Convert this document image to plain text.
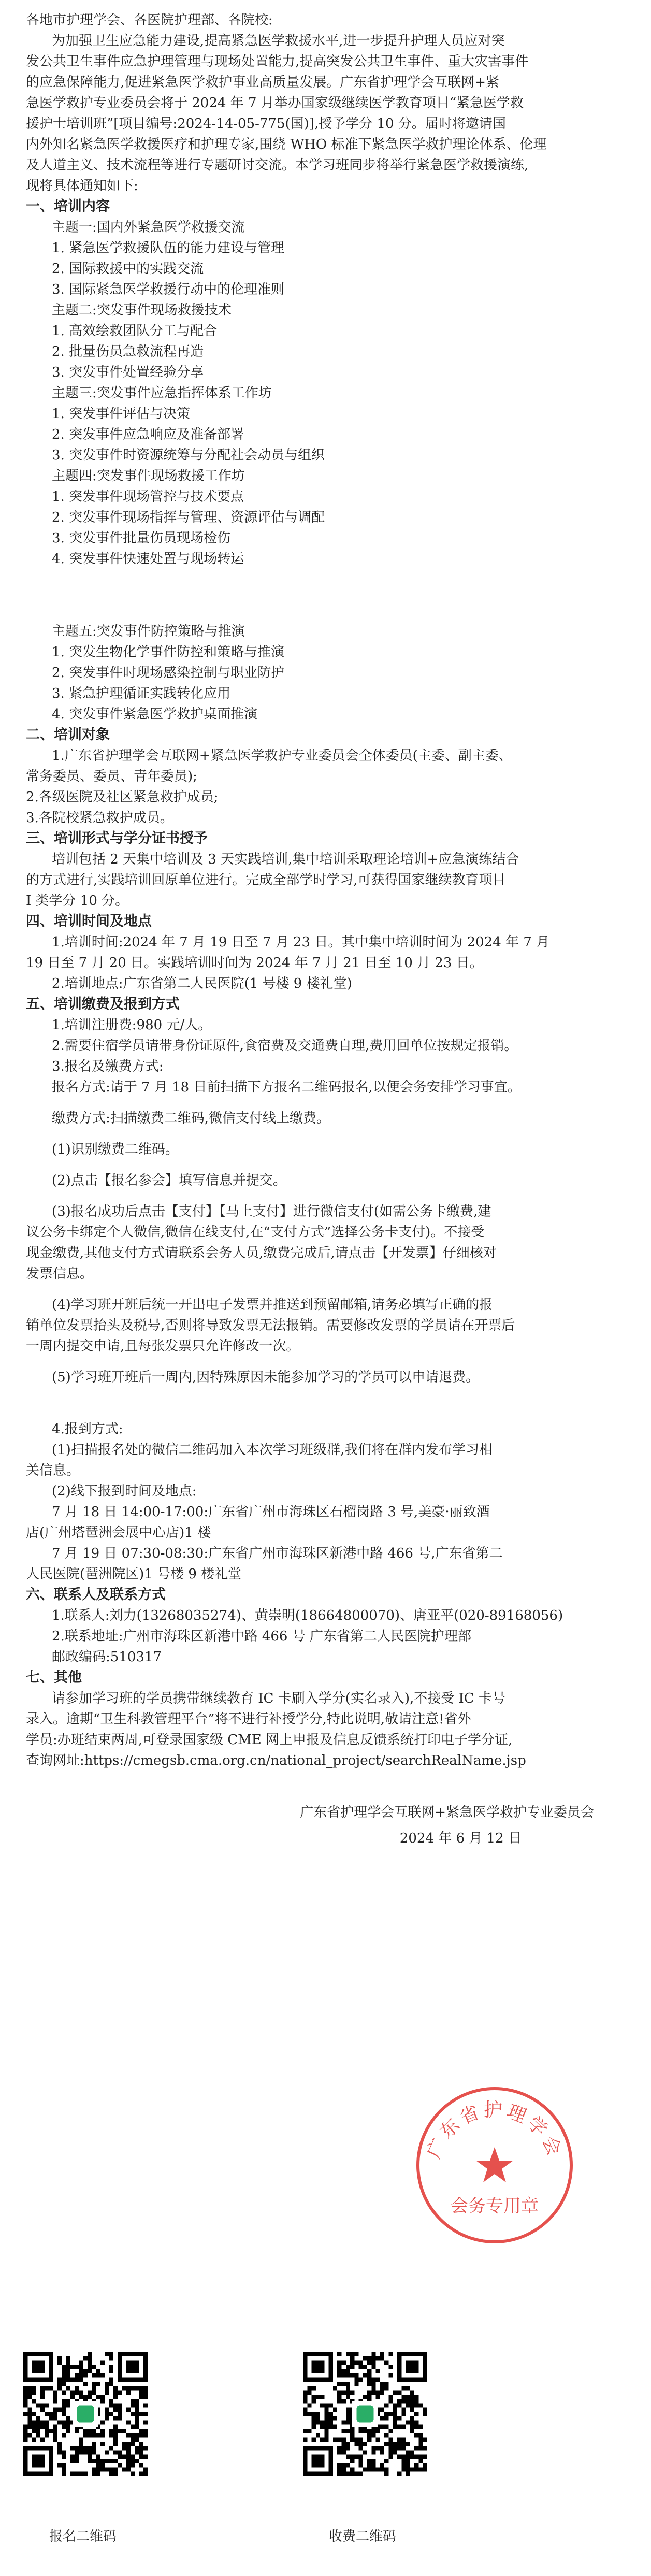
各地市护理学会、各医院护理部、各院校:
为加强卫生应急能力建设,提高紧急医学救援水平,进一步提升护理人员应对突
发公共卫生事件应急护理管理与现场处置能力,提高突发公共卫生事件、重大灾害事件
的应急保障能力,促进紧急医学救护事业高质量发展。广东省护理学会互联网+紧
急医学救护专业委员会将于 2024 年 7 月举办国家级继续医学教育项目“紧急医学救
援护士培训班”[项目编号:2024-14-05-775(国)],授予学分 10 分。届时将邀请国
内外知名紧急医学救援医疗和护理专家,围绕 WHO 标准下紧急医学救护理论体系、伦理
及人道主义、技术流程等进行专题研讨交流。本学习班同步将举行紧急医学救援演练,
现将具体通知如下:
一、培训内容
主题一:国内外紧急医学救援交流
1. 紧急医学救援队伍的能力建设与管理
2. 国际救援中的实践交流
3. 国际紧急医学救援行动中的伦理准则
主题二:突发事件现场救援技术
1. 高效绘救团队分工与配合
2. 批量伤员急救流程再造
3. 突发事件处置经验分享
主题三:突发事件应急指挥体系工作坊
1. 突发事件评估与决策
2. 突发事件应急响应及准备部署
3. 突发事件时资源统筹与分配社会动员与组织
主题四:突发事件现场救援工作坊
1. 突发事件现场管控与技术要点
2. 突发事件现场指挥与管理、资源评估与调配
3. 突发事件批量伤员现场检伤
4. 突发事件快速处置与现场转运
主题五:突发事件防控策略与推演
1. 突发生物化学事件防控和策略与推演
2. 突发事件时现场感染控制与职业防护
3. 紧急护理循证实践转化应用
4. 突发事件紧急医学救护桌面推演
二、培训对象
1.广东省护理学会互联网+紧急医学救护专业委员会全体委员(主委、副主委、
常务委员、委员、青年委员);
2.各级医院及社区紧急救护成员;
3.各院校紧急救护成员。
三、培训形式与学分证书授予
培训包括 2 天集中培训及 3 天实践培训,集中培训采取理论培训+应急演练结合
的方式进行,实践培训回原单位进行。完成全部学时学习,可获得国家继续教育项目
I 类学分 10 分。
四、培训时间及地点
1.培训时间:2024 年 7 月 19 日至 7 月 23 日。其中集中培训时间为 2024 年 7 月
19 日至 7 月 20 日。实践培训时间为 2024 年 7 月 21 日至 10 月 23 日。
2.培训地点:广东省第二人民医院(1 号楼 9 楼礼堂)
五、培训缴费及报到方式
1.培训注册费:980 元/人。
2.需要住宿学员请带身份证原件,食宿费及交通费自理,费用回单位按规定报销。
3.报名及缴费方式:
报名方式:请于 7 月 18 日前扫描下方报名二维码报名,以便会务安排学习事宜。
缴费方式:扫描缴费二维码,微信支付线上缴费。
(1)识别缴费二维码。
(2)点击【报名参会】填写信息并提交。
(3)报名成功后点击【支付】【马上支付】进行微信支付(如需公务卡缴费,建
议公务卡绑定个人微信,微信在线支付,在“支付方式”选择公务卡支付)。不接受
现金缴费,其他支付方式请联系会务人员,缴费完成后,请点击【开发票】仔细核对
发票信息。
(4)学习班开班后统一开出电子发票并推送到预留邮箱,请务必填写正确的报
销单位发票抬头及税号,否则将导致发票无法报销。需要修改发票的学员请在开票后
一周内提交申请,且每张发票只允许修改一次。
(5)学习班开班后一周内,因特殊原因未能参加学习的学员可以申请退费。
4.报到方式:
(1)扫描报名处的微信二维码加入本次学习班级群,我们将在群内发布学习相
关信息。
(2)线下报到时间及地点:
7 月 18 日 14:00-17:00:广东省广州市海珠区石榴岗路 3 号,美豪·丽致酒
店(广州塔琶洲会展中心店)1 楼
7 月 19 日 07:30-08:30:广东省广州市海珠区新港中路 466 号,广东省第二
人民医院(琶洲院区)1 号楼 9 楼礼堂
六、联系人及联系方式
1.联系人:刘力(13268035274)、黄崇明(18664800070)、唐亚平(020-89168056)
2.联系地址:广州市海珠区新港中路 466 号 广东省第二人民医院护理部
邮政编码:510317
七、其他
请参加学习班的学员携带继续教育 IC 卡刷入学分(实名录入),不接受 IC 卡号
录入。逾期“卫生科教管理平台”将不进行补授学分,特此说明,敬请注意!省外
学员:办班结束两周,可登录国家级 CME 网上申报及信息反馈系统打印电子学分证,
查询网址:https://cmegsb.cma.org.cn/national_project/searchRealName.jsp
广东省护理学会
会务专用章
报名二维码	收费二维码
广东省护理学会互联网+紧急医学救护专业委员会
2024 年 6 月 12 日
